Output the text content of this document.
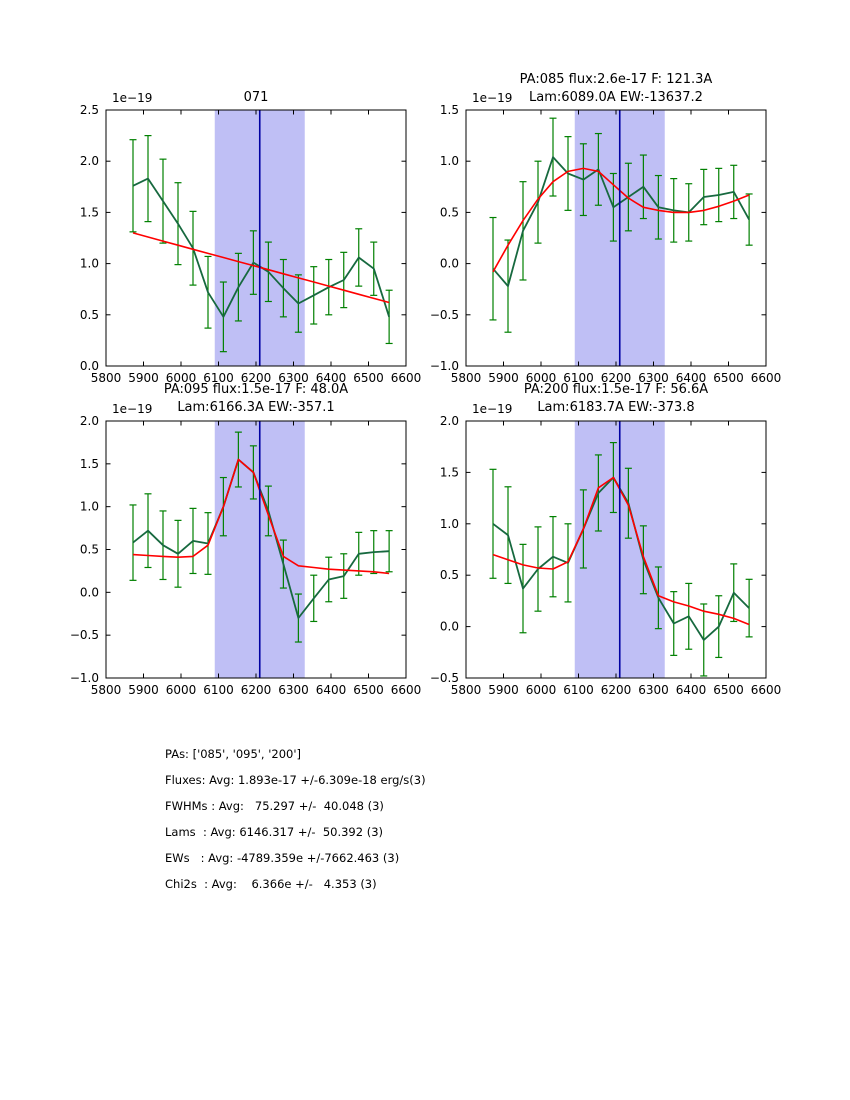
071
PA:085 flux:2.6e-17 F: 121.3A
Lam:6089.0A EW:-13637.2
PA:095 flux:1.5e-17 F: 48.0A
Lam:6166.3A EW:-357.1
PA:200 flux:1.5e-17 F: 56.6A
Lam:6183.7A EW:-373.8
5800 5900 6000 6100 6200 6300 6400 6500 6600
0.0
0.5
1.0
1.5
2.0
2.5
1e−19
5800 5900 6000 6100 6200 6300 6400 6500 6600
−1.0
−0.5
0.0
0.5
1.0
1.5
1e−19
5800 5900 6000 6100 6200 6300 6400 6500 6600
−1.0
−0.5
0.0
0.5
1.0
1.5
2.0
1e−19
5800 5900 6000 6100 6200 6300 6400 6500 6600
−0.5
0.0
0.5
1.0
1.5
2.0
1e−19
PAs: ['085', '095', '200']
Fluxes: Avg: 1.893e-17 +/-6.309e-18 erg/s(3)
FWHMs : Avg:   75.297 +/-  40.048 (3)
Lams  : Avg: 6146.317 +/-  50.392 (3)
EWs   : Avg: -4789.359e +/-7662.463 (3)
Chi2s  : Avg:    6.366e +/-   4.353 (3)
